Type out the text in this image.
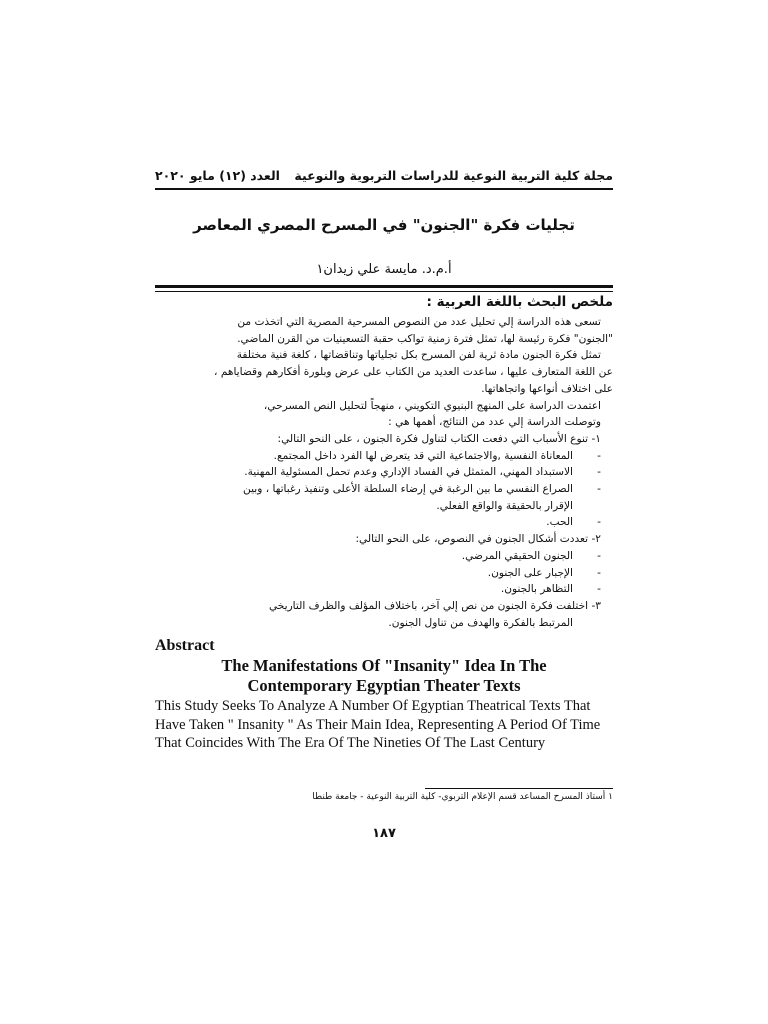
مجلة كلية التربية النوعية للدراسات التربوية والنوعية
العدد (١٢) مايو ٢٠٢٠
تجليات فكرة "الجنون" في المسرح المصري المعاصر
أ.م.د. مايسة علي زيدان١
ملخص البحث باللغة العربية :

تسعى هذه الدراسة إلي تحليل عدد من النصوص المسرحية المصرية التي اتخذت من

"الجنون" فكرة رئيسة لها، تمثل فترة زمنية تواكب حقبة التسعينيات من القرن الماضي.

تمثل فكرة الجنون مادة ثرية لفن المسرح بكل تجلياتها وتناقضاتها ، كلغة فنية مختلفة

عن اللغة المتعارف عليها ، ساعدت العديد من الكتاب على عرض وبلورة أفكارهم وقضاياهم ،

على اختلاف أنواعها واتجاهاتها.

اعتمدت الدراسة على المنهج البنيوي التكويني ، منهجاً لتحليل النص المسرحي،

وتوصلت الدراسة إلي عدد من النتائج، أهمها هي :

١- تنوع الأسباب التي دفعت الكتاب لتناول فكرة الجنون ، على النحو التالي:

- المعاناة النفسية ,والاجتماعية التي قد يتعرض لها الفرد داخل المجتمع.

- الاستبداد المهني، المتمثل في الفساد الإداري وعدم تحمل المسئولية المهنية.

- الصراع النفسي ما بين الرغبة في إرضاء السلطة الأعلى وتنفيذ رغباتها ، وبين

الإقرار بالحقيقة والواقع الفعلي.

- الحب.

٢- تعددت أشكال الجنون في النصوص، على النحو التالي:

- الجنون الحقيقي المرضي.

- الإجبار على الجنون.

- التظاهر بالجنون.

٣- اختلفت فكرة الجنون من نص إلي آخر، باختلاف المؤلف والظرف التاريخي

المرتبط بالفكرة والهدف من تناول الجنون.

Abstract
The Manifestations Of "Insanity" Idea In The
Contemporary Egyptian Theater Texts
This Study Seeks To Analyze A Number Of Egyptian Theatrical Texts That Have Taken " Insanity " As Their Main Idea, Representing A Period Of Time That Coincides With The Era Of The Nineties Of The Last Century
١ أستاذ المسرح المساعد قسم الإعلام التربوي- كلية التربية النوعية - جامعة طنطا
١٨٧
